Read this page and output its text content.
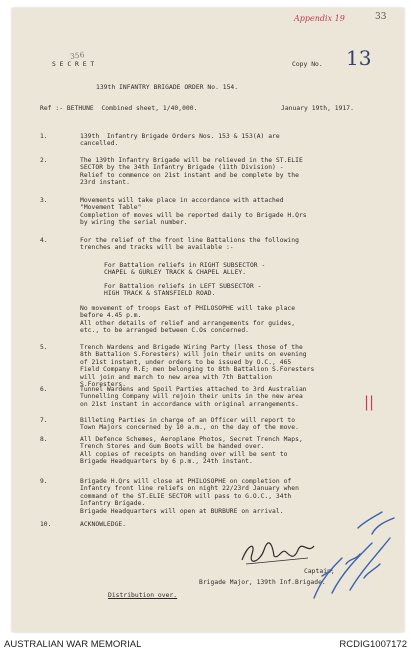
Appendix 19	33
356
S E C R E T	Copy No. 13
139th INFANTRY BRIGADE ORDER No. 154.
Ref :- BETHUNE  Combined sheet, 1/40,000.	January 19th, 1917.
1.	139th  Infantry Brigade Orders Nos. 153 & 153(A) are
cancelled.
2.	The 139th Infantry Brigade will be relieved in the ST.ELIE
SECTOR by the 34th Infantry Brigade (11th Division) -
Relief to commence on 21st instant and be complete by the
23rd instant.
3.	Movements will take place in accordance with attached
"Movement Table"
Completion of moves will be reported daily to Brigade H.Qrs
by wiring the serial number.
4.	For the relief of the front line Battalions the following
trenches and tracks will be available :-
For Battalion reliefs in RIGHT SUBSECTOR -
CHAPEL & GURLEY TRACK & CHAPEL ALLEY.
For Battalion reliefs in LEFT SUBSECTOR -
HIGH TRACK & STANSFIELD ROAD.
No movement of troops East of PHILOSOPHE will take place
before 4.45 p.m.
All other details of relief and arrangements for guides,
etc., to be arranged between C.Os concerned.
5.	Trench Wardens and Brigade Wiring Party (less those of the
8th Battalion S.Foresters) will join their units on evening
of 21st instant, under orders to be issued by O.C., 465
Field Company R.E; men belonging to 8th Battalion S.Foresters
will join and march to new area with 7th Battalion
S.Foresters.
6.	Tunnel Wardens and Spoil Parties attached to 3rd Australian
Tunnelling Company will rejoin their units in the new area
on 21st instant in accordance with original arrangements.
7.	Billeting Parties in charge of an Officer will report to
Town Majors concerned by 10 a.m., on the day of the move.
8.	All Defence Schemes, Aeroplane Photos, Secret Trench Maps,
Trench Stores and Gum Boots will be handed over.
All copies of receipts on handing over will be sent to
Brigade Headquarters by 6 p.m., 24th instant.
9.	Brigade H.Qrs will close at PHILOSOPHE on completion of
Infantry front line reliefs on night 22/23rd January when
command of the ST.ELIE SECTOR will pass to G.O.C., 34th
Infantry Brigade.
Brigade Headquarters will open at BURBURE on arrival.
10.	ACKNOWLEDGE.
||
Captain,
Brigade Major, 139th Inf.Brigade.
Distribution over.
AUSTRALIAN WAR MEMORIAL	RCDIG1007172
